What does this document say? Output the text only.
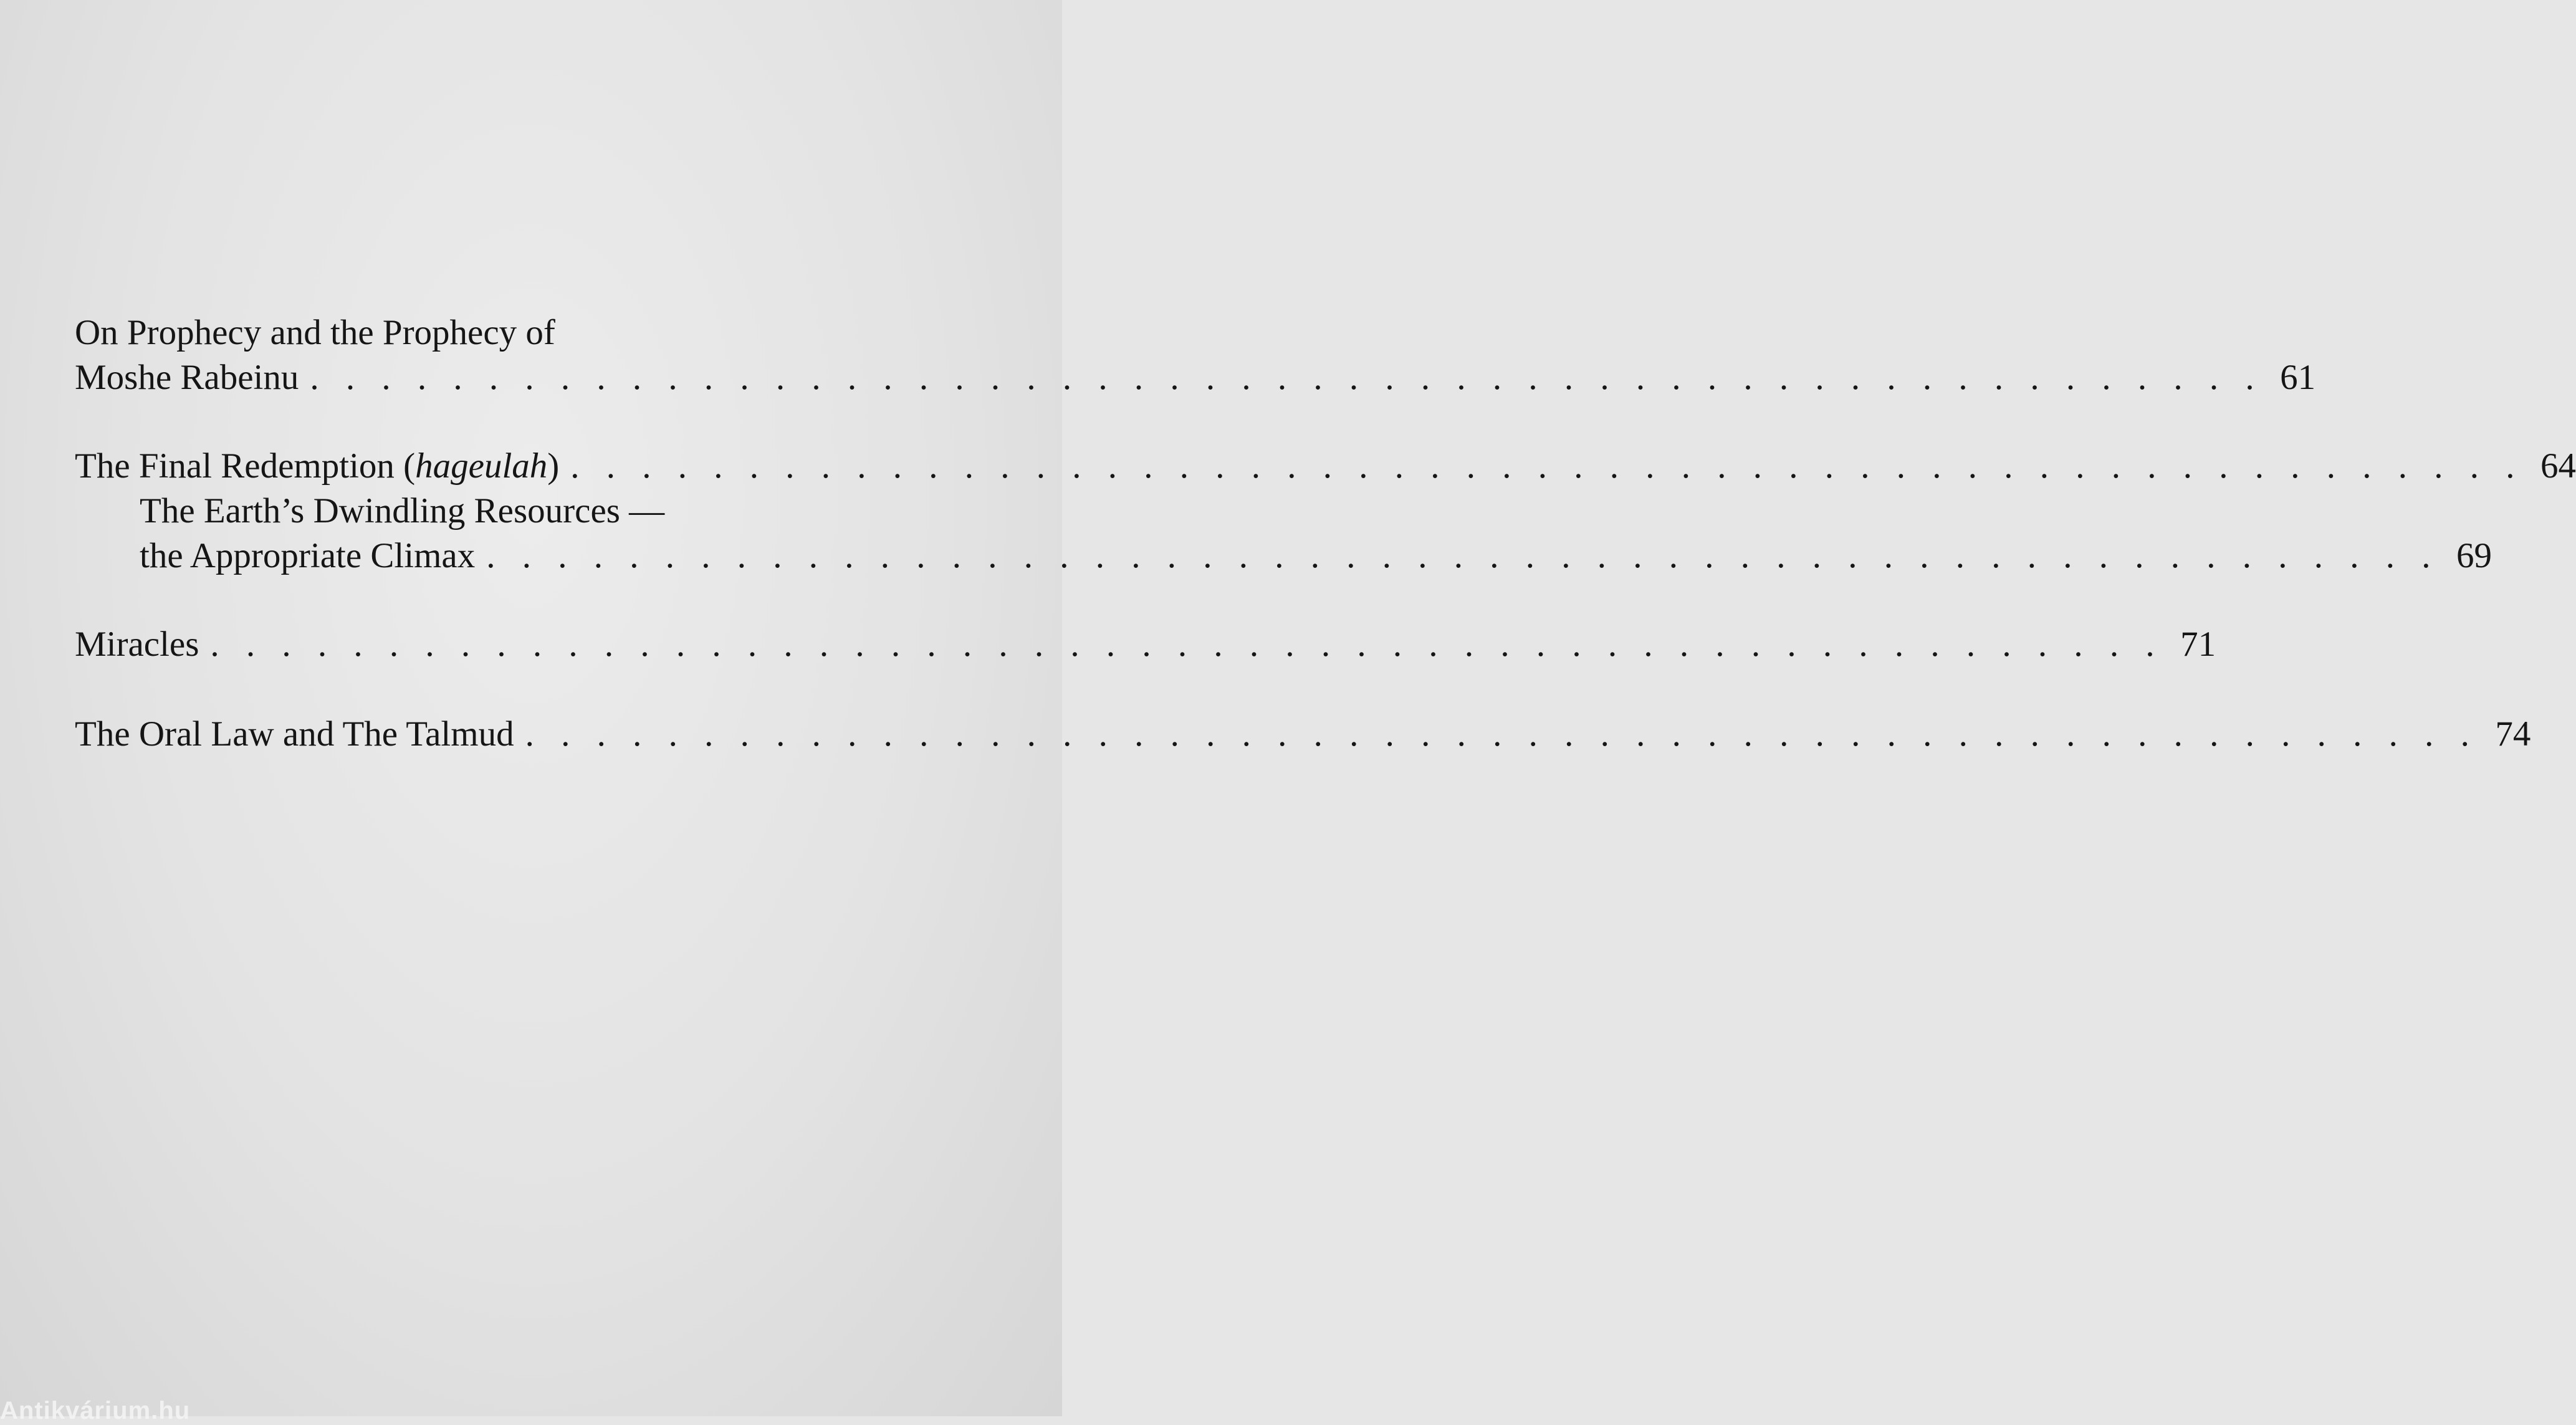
On Prophecy and the Prophecy of
Moshe Rabeinu . . . . . . . . . . . . . . . . . . . . . . . . . . . . . . . . . . . . . . . . . . . . . . . . . . . . . . . 61
The Final Redemption (hageulah) . . . . . . . . . . . . . . . . . . . . . . . . . . . . . . . . . . . . . . . . . . . . . . . . . . . . . . . 64
The Earth’s Dwindling Resources —
the Appropriate Climax . . . . . . . . . . . . . . . . . . . . . . . . . . . . . . . . . . . . . . . . . . . . . . . . . . . . . . . 69
Miracles . . . . . . . . . . . . . . . . . . . . . . . . . . . . . . . . . . . . . . . . . . . . . . . . . . . . . . . 71
The Oral Law and The Talmud . . . . . . . . . . . . . . . . . . . . . . . . . . . . . . . . . . . . . . . . . . . . . . . . . . . . . . . 74
Antikvárium.hu
